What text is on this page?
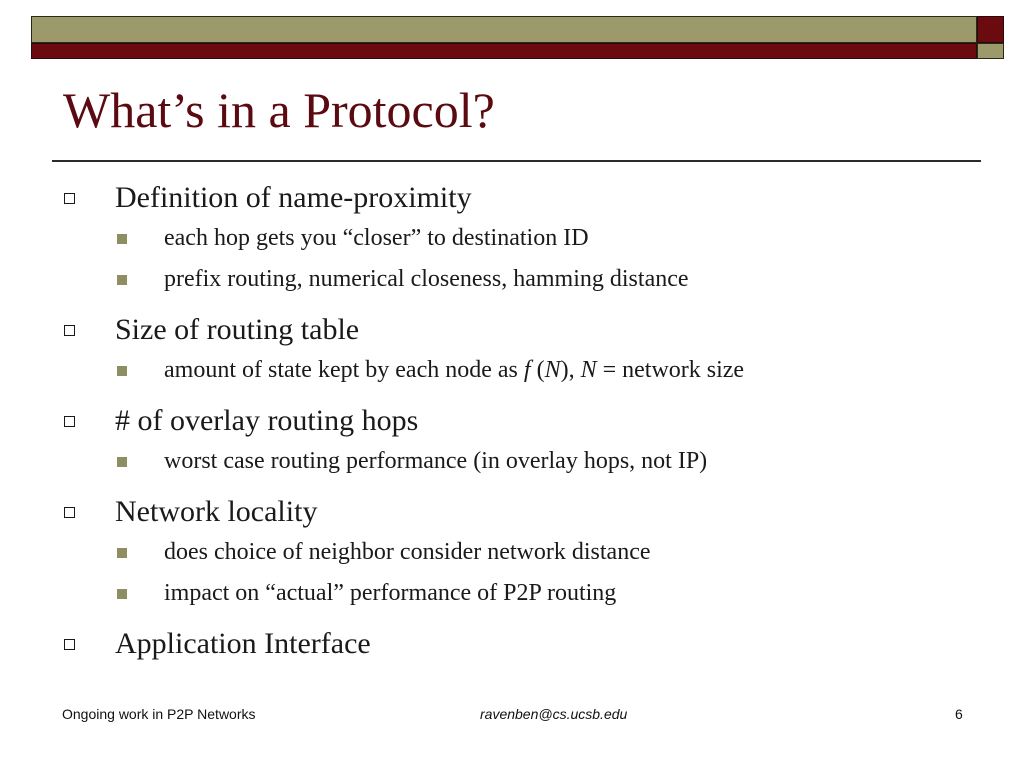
What’s in a Protocol?
Definition of name-proximity
each hop gets you “closer” to destination ID
prefix routing, numerical closeness, hamming distance
Size of routing table
amount of state kept by each node as f (N), N = network size
# of overlay routing hops
worst case routing performance (in overlay hops, not IP)
Network locality
does choice of neighbor consider network distance
impact on “actual” performance of P2P routing
Application Interface
Ongoing work in P2P Networks	ravenben@cs.ucsb.edu	6
